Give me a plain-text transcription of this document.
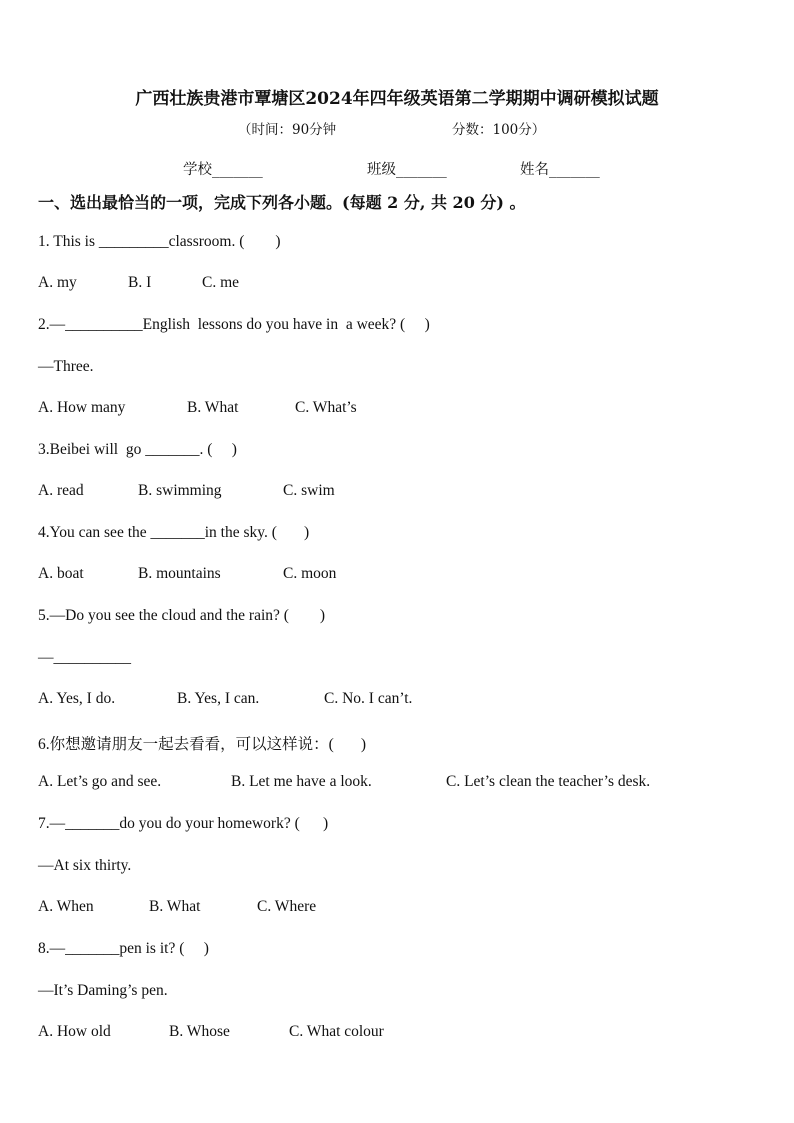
广西壮族贵港市覃塘区2024年四年级英语第二学期期中调研模拟试题
（时间：90分钟	分数：100分）
学校_______	班级_______	姓名_______
一、选出最恰当的一项，完成下列各小题。(每题 2 分, 共 20 分) 。
1. This is _________classroom. (        )
A. my	B. I	C. me
2.—__________English  lessons do you have in  a week? (     )
—Three.
A. How many	B. What	C. What’s
3.Beibei will  go _______. (     )
A. read	B. swimming	C. swim
4.You can see the _______in the sky. (       )
A. boat	B. mountains	C. moon
5.—Do you see the cloud and the rain? (        )
—__________
A. Yes, I do.	B. Yes, I can.	C. No. I can’t.
6.你想邀请朋友一起去看看，可以这样说：(       )
A. Let’s go and see.	B. Let me have a look.	C. Let’s clean the teacher’s desk.
7.—_______do you do your homework? (      )
—At six thirty.
A. When	B. What	C. Where
8.—_______pen is it? (     )
—It’s Daming’s pen.
A. How old	B. Whose	C. What colour
